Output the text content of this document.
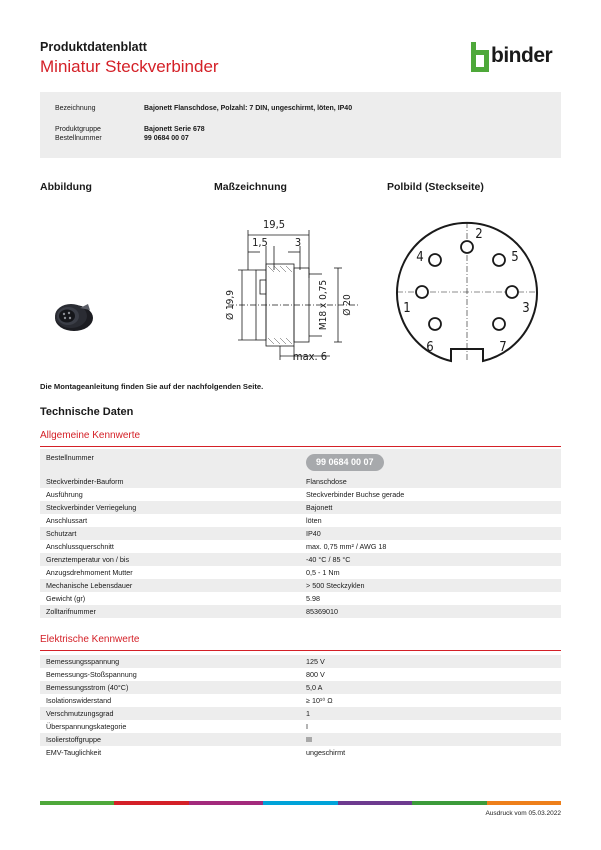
Produktdatenblatt
Miniatur Steckverbinder	binder
Bezeichnung	Bajonett Flanschdose, Polzahl: 7 DIN, ungeschirmt, löten, IP40
Produktgruppe	Bajonett Serie 678
Bestellnummer	99 0684 00 07
Abbildung	Maßzeichnung	Polbild (Steckseite)
19,5
1,5 3
Ø 19,9	M18 x 0,75 Ø 20
max. 6
1
2
3
4	5
6	7
Die Montageanleitung finden Sie auf der nachfolgenden Seite.
Technische Daten
Allgemeine Kennwerte
Bestellnummer	99 0684 00 07
Steckverbinder-Bauform	Flanschdose
Ausführung	Steckverbinder Buchse gerade
Steckverbinder Verriegelung	Bajonett
Anschlussart	löten
Schutzart	IP40
Anschlussquerschnitt	max. 0,75 mm² / AWG 18
Grenztemperatur von / bis	-40 °C / 85 °C
Anzugsdrehmoment Mutter	0,5 - 1 Nm
Mechanische Lebensdauer	> 500 Steckzyklen
Gewicht (gr)	5.98
Zolltarifnummer	85369010
Elektrische Kennwerte
Bemessungsspannung	125 V
Bemessungs-Stoßspannung	800 V
Bemessungsstrom (40°C)	5,0 A
Isolationswiderstand	≥ 10¹⁰ Ω
Verschmutzungsgrad	1
Überspannungskategorie	I
Isolierstoffgruppe	III
EMV-Tauglichkeit	ungeschirmt
Ausdruck vom 05.03.2022
